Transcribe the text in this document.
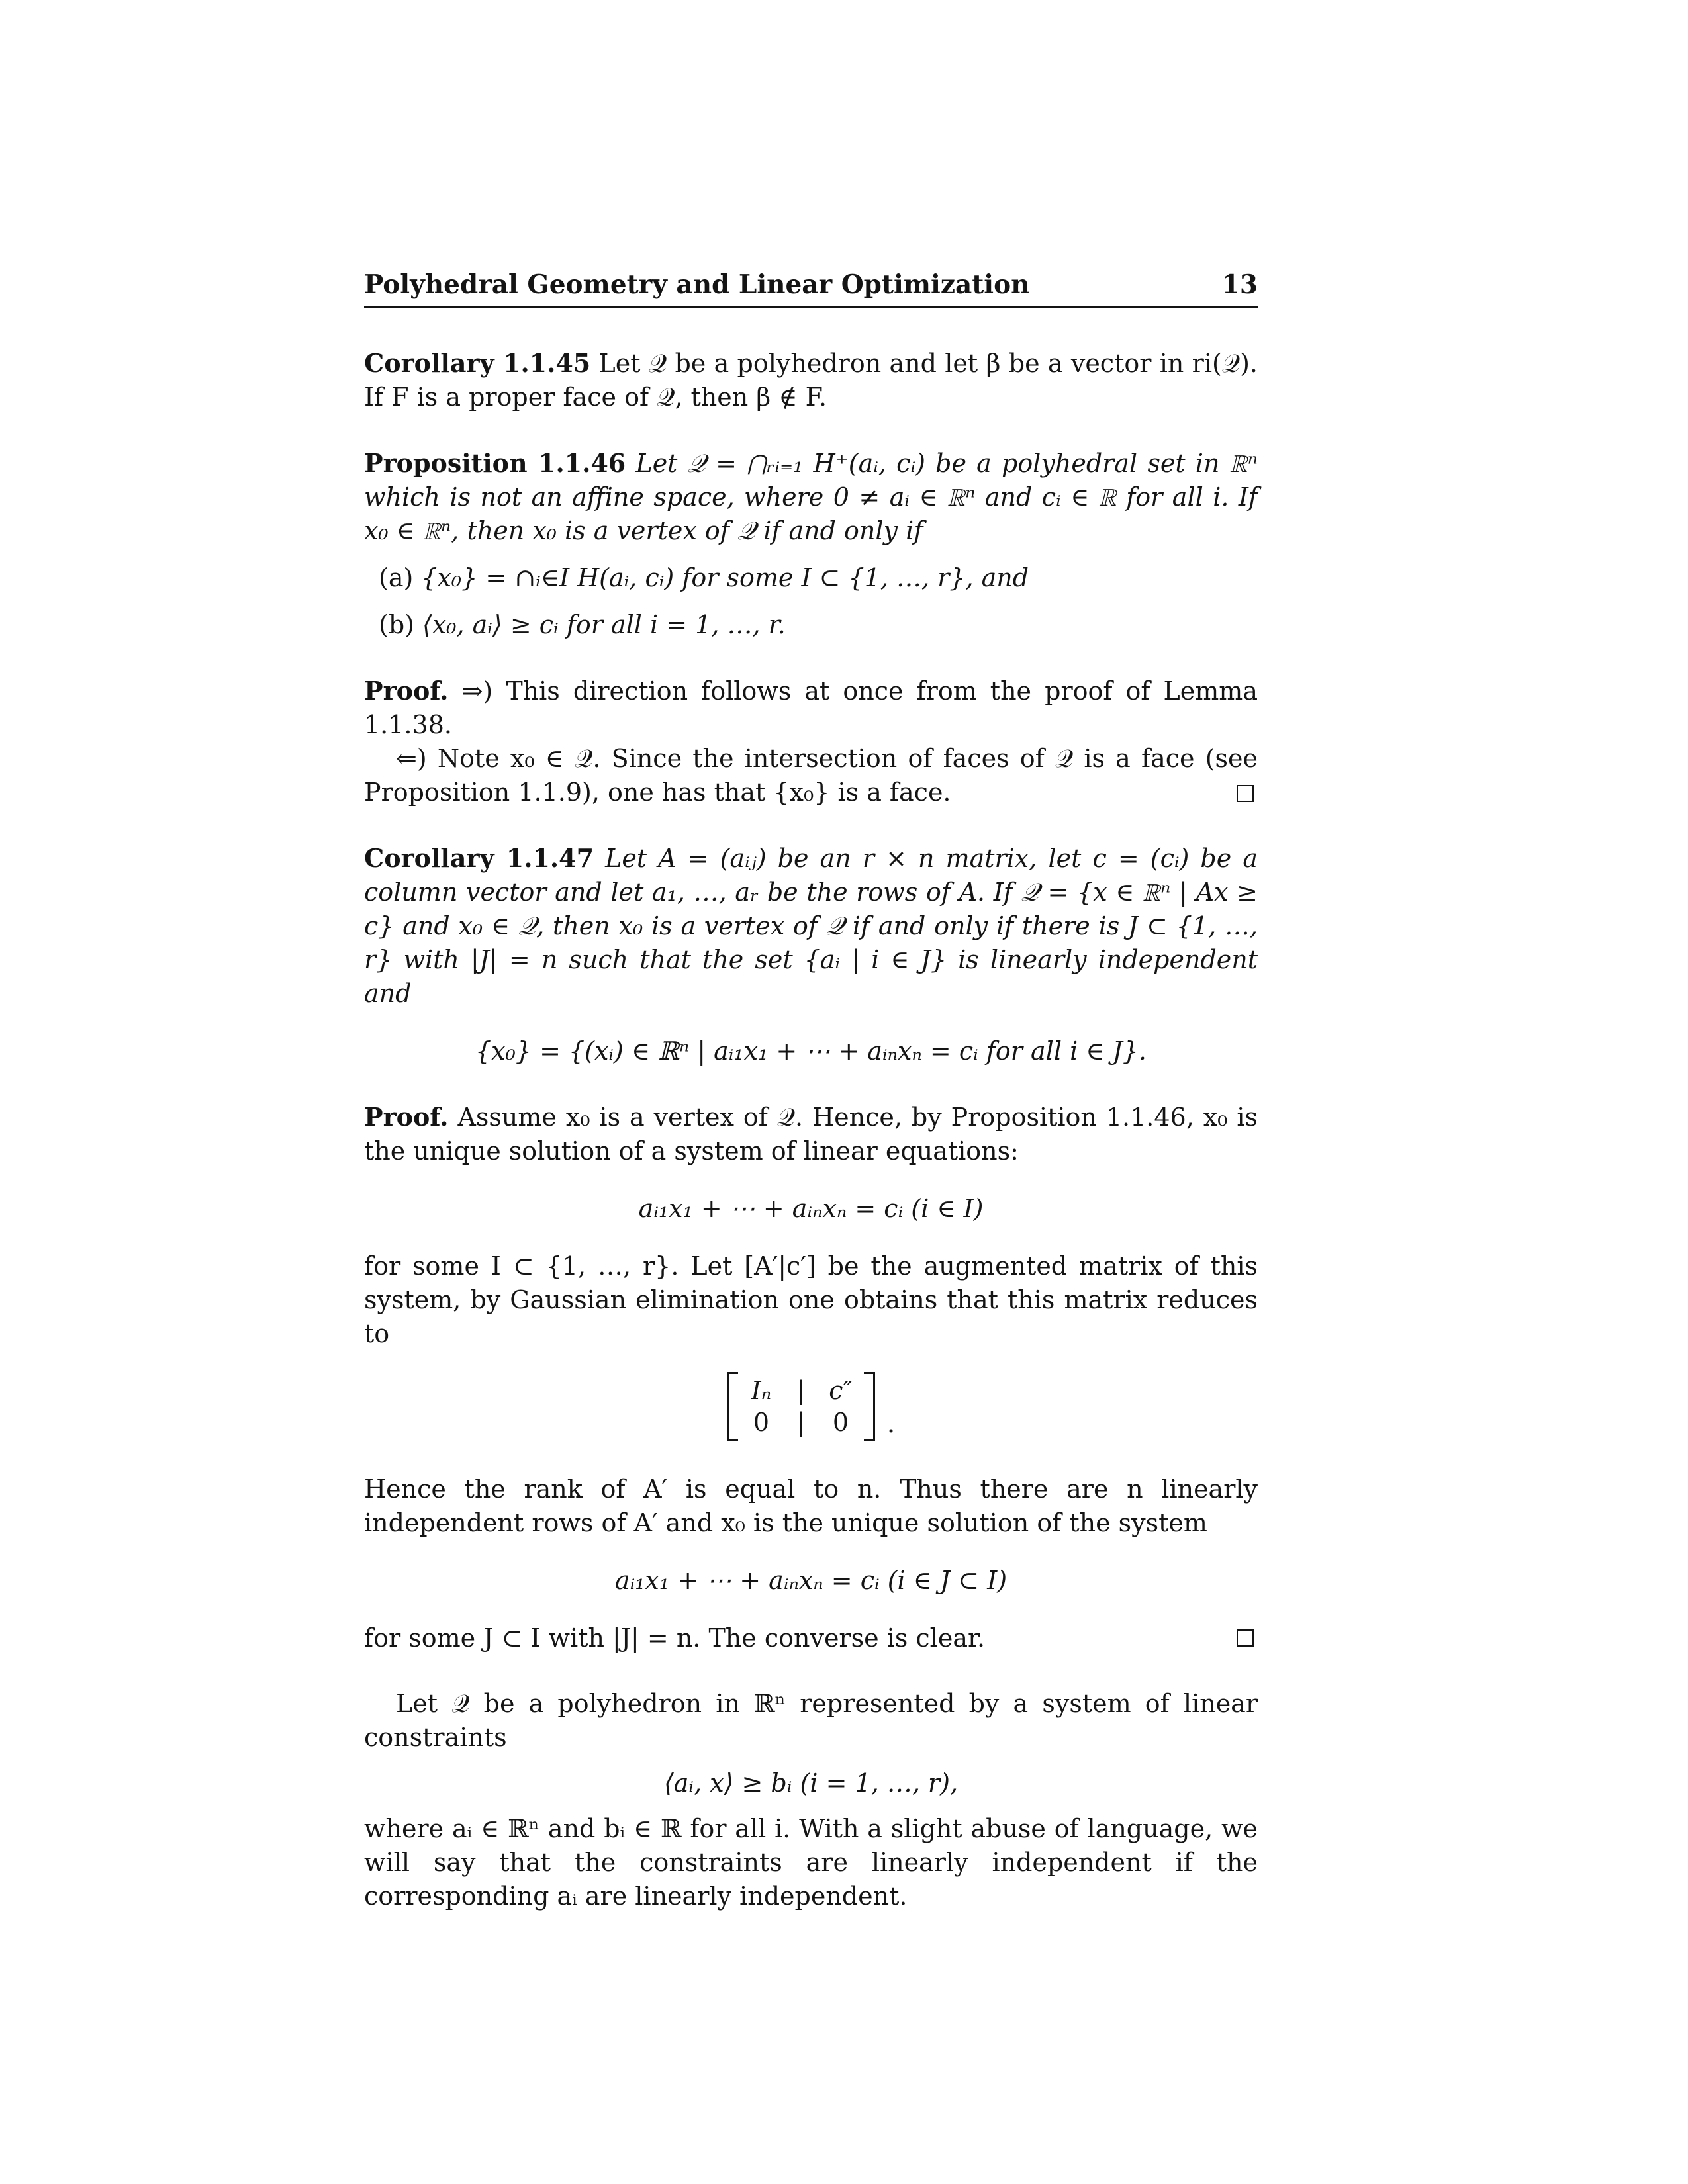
Polyhedral Geometry and Linear Optimization	13

Corollary 1.1.45 Let 𝒬 be a polyhedron and let β be a vector in ri(𝒬). If F is a proper face of 𝒬, then β ∉ F.

Proposition 1.1.46 Let 𝒬 = ⋂ᵣᵢ₌₁ H⁺(aᵢ, cᵢ) be a polyhedral set in ℝⁿ which is not an affine space, where 0 ≠ aᵢ ∈ ℝⁿ and cᵢ ∈ ℝ for all i. If x₀ ∈ ℝⁿ, then x₀ is a vertex of 𝒬 if and only if

(a) {x₀} = ∩ᵢ∈I H(aᵢ, cᵢ) for some I ⊂ {1, …, r}, and
(b) ⟨x₀, aᵢ⟩ ≥ cᵢ for all i = 1, …, r.

Proof. ⇒) This direction follows at once from the proof of Lemma 1.1.38.

⇐) Note x₀ ∈ 𝒬. Since the intersection of faces of 𝒬 is a face (see Proposition 1.1.9), one has that {x₀} is a face.

Corollary 1.1.47 Let A = (aᵢⱼ) be an r × n matrix, let c = (cᵢ) be a column vector and let a₁, …, aᵣ be the rows of A. If 𝒬 = {x ∈ ℝⁿ | Ax ≥ c} and x₀ ∈ 𝒬, then x₀ is a vertex of 𝒬 if and only if there is J ⊂ {1, …, r} with |J| = n such that the set {aᵢ | i ∈ J} is linearly independent and

{x₀} = {(xᵢ) ∈ ℝⁿ | aᵢ₁x₁ + ⋯ + aᵢₙxₙ = cᵢ for all i ∈ J}.

Proof. Assume x₀ is a vertex of 𝒬. Hence, by Proposition 1.1.46, x₀ is the unique solution of a system of linear equations:

aᵢ₁x₁ + ⋯ + aᵢₙxₙ = cᵢ (i ∈ I)

for some I ⊂ {1, …, r}. Let [A′|c′] be the augmented matrix of this system, by Gaussian elimination one obtains that this matrix reduces to

Iₙ	| c″
0	|	0	.

Hence the rank of A′ is equal to n. Thus there are n linearly independent rows of A′ and x₀ is the unique solution of the system

aᵢ₁x₁ + ⋯ + aᵢₙxₙ = cᵢ (i ∈ J ⊂ I)
for some J ⊂ I with |J| = n. The converse is clear.

Let 𝒬 be a polyhedron in ℝⁿ represented by a system of linear constraints

⟨aᵢ, x⟩ ≥ bᵢ (i = 1, …, r),

where aᵢ ∈ ℝⁿ and bᵢ ∈ ℝ for all i. With a slight abuse of language, we will say that the constraints are linearly independent if the corresponding aᵢ are linearly independent.
